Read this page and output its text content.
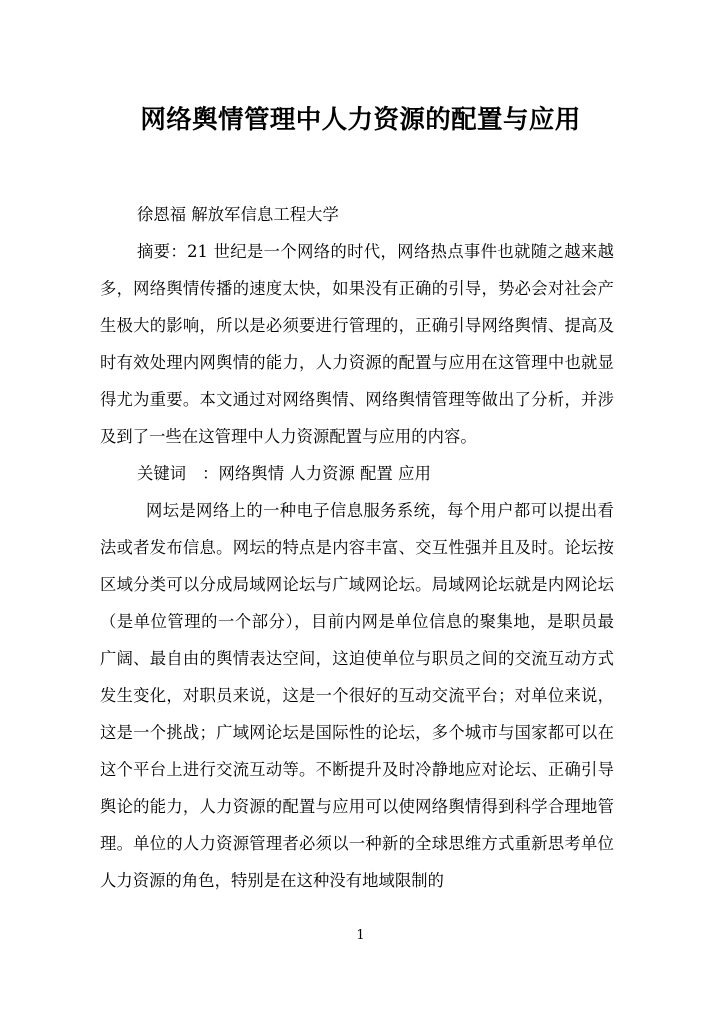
网络舆情管理中人力资源的配置与应用

徐恩福 解放军信息工程大学

摘要：21 世纪是一个网络的时代，网络热点事件也就随之越来越多，网络舆情传播的速度太快，如果没有正确的引导，势必会对社会产生极大的影响，所以是必须要进行管理的，正确引导网络舆情、提高及时有效处理内网舆情的能力，人力资源的配置与应用在这管理中也就显得尤为重要。本文通过对网络舆情、网络舆情管理等做出了分析，并涉及到了一些在这管理中人力资源配置与应用的内容。

关键词 ：网络舆情 人力资源 配置 应用

网坛是网络上的一种电子信息服务系统，每个用户都可以提出看法或者发布信息。网坛的特点是内容丰富、交互性强并且及时。论坛按区域分类可以分成局域网论坛与广域网论坛。局域网论坛就是内网论坛（是单位管理的一个部分），目前内网是单位信息的聚集地，是职员最广阔、最自由的舆情表达空间，这迫使单位与职员之间的交流互动方式发生变化，对职员来说，这是一个很好的互动交流平台；对单位来说，这是一个挑战；广域网论坛是国际性的论坛，多个城市与国家都可以在这个平台上进行交流互动等。不断提升及时冷静地应对论坛、正确引导舆论的能力，人力资源的配置与应用可以使网络舆情得到科学合理地管理。单位的人力资源管理者必须以一种新的全球思维方式重新思考单位人力资源的角色，特别是在这种没有地域限制的

1
